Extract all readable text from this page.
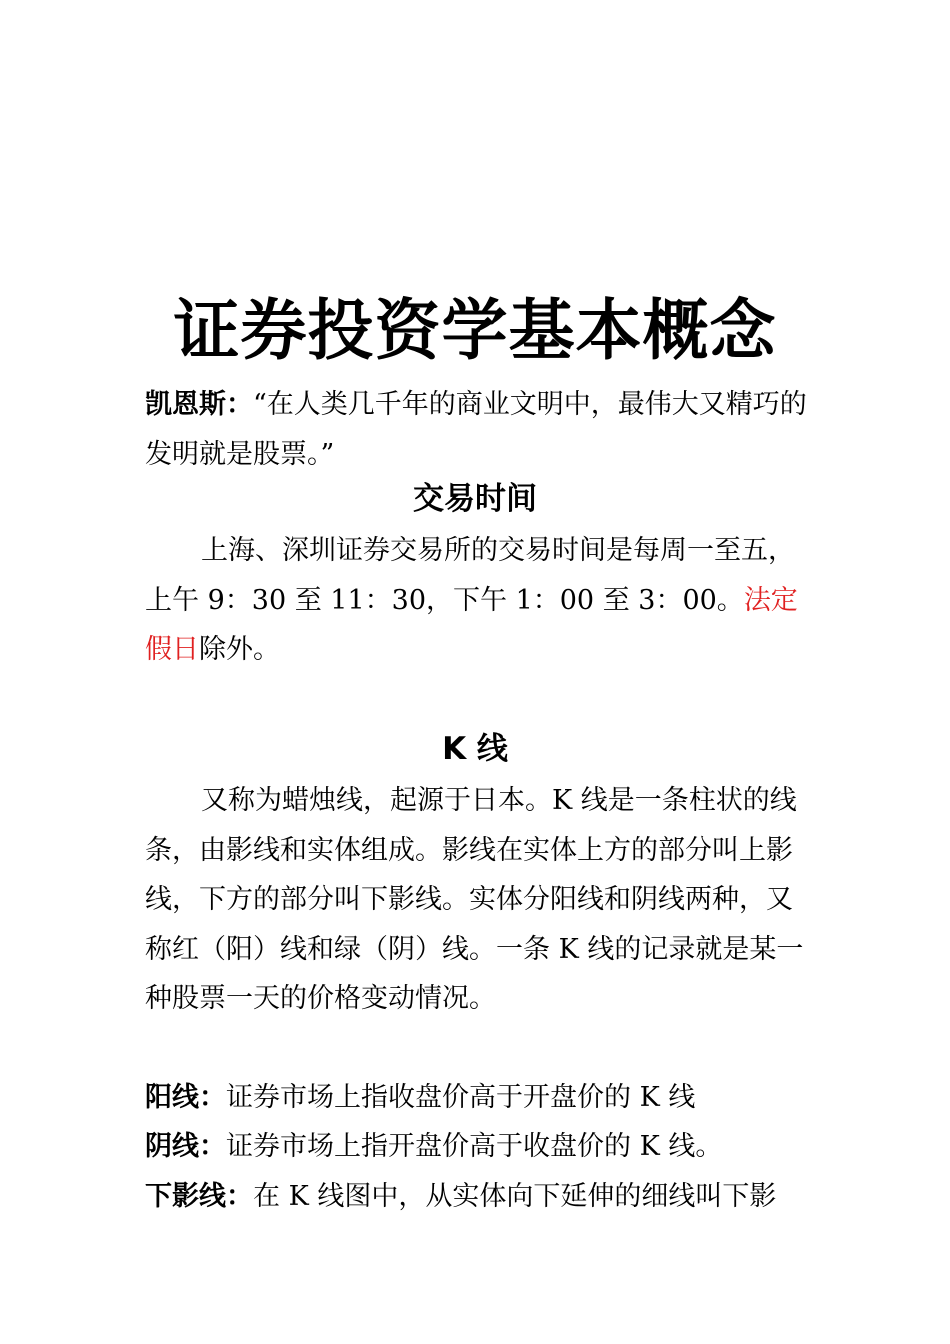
证券投资学基本概念

凯恩斯：“在人类几千年的商业文明中，最伟大又精巧的发明就是股票。”

交易时间

上海、深圳证券交易所的交易时间是每周一至五，上午 9：30 至 11：30，下午 1：00 至 3：00。法定假日除外。

K 线

又称为蜡烛线，起源于日本。K 线是一条柱状的线条，由影线和实体组成。影线在实体上方的部分叫上影线，下方的部分叫下影线。实体分阳线和阴线两种，又称红（阳）线和绿（阴）线。一条 K 线的记录就是某一种股票一天的价格变动情况。

阳线：证券市场上指收盘价高于开盘价的 K 线

阴线：证券市场上指开盘价高于收盘价的 K 线。

下影线：在 K 线图中，从实体向下延伸的细线叫下影
